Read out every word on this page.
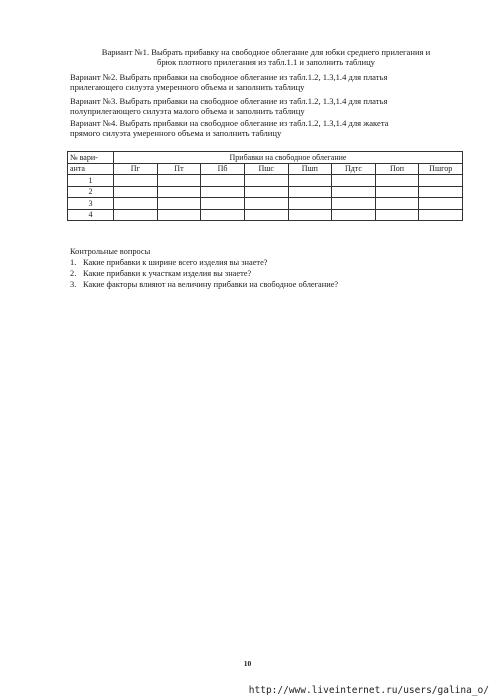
Вариант №1. Выбрать прибавку на свободное облегание для юбки среднего прилегания и
брюк плотного прилегания из табл.1.1 и заполнить таблицу
Вариант №2. Выбрать прибавки на свободное облегание из табл.1.2, 1.3,1.4 для платья
прилегающего силуэта умеренного объема и заполнить таблицу
Вариант №3. Выбрать прибавки на свободное облегание из табл.1.2, 1.3,1.4 для платья
полуприлегающего силуэта малого объема и заполнить таблицу
Вариант №4. Выбрать прибавки на свободное облегание из табл.1.2, 1.3,1.4 для жакета
прямого силуэта умеренного объема и заполнить таблицу
№ вари-	Прибавки на свободное облегание							
анта	Пг	Пт	Пб	Пшс	Пшп	Пдтс	Поп	Пшгор
1								
2								
3								
4								
Контрольные вопросы
1. Какие прибавки к ширине всего изделия вы знаете?
2. Какие прибавки к участкам изделия вы знаете?
3. Какие факторы влияют на величину прибавки на свободное облегание?
10
http://www.liveinternet.ru/users/galina_o/
